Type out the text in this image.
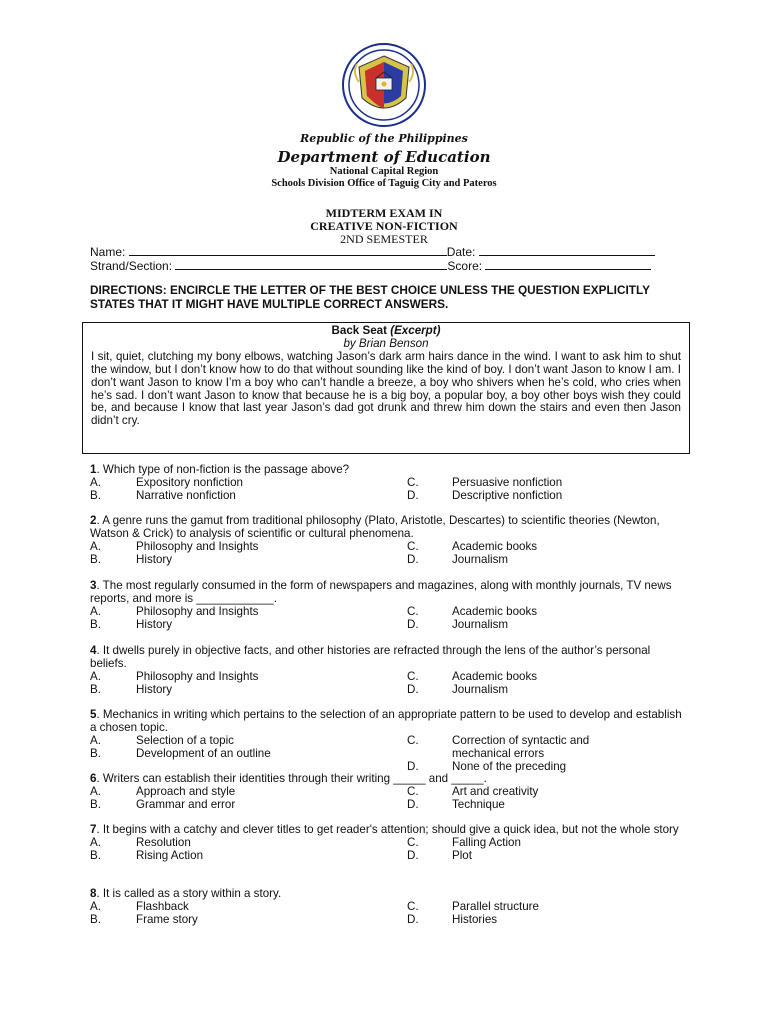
Republic of the Philippines
Department of Education
National Capital Region
Schools Division Office of Taguig City and Pateros
MIDTERM EXAM IN
CREATIVE NON-FICTION
2ND SEMESTER
Name:	Date:
Strand/Section:	Score:
DIRECTIONS: ENCIRCLE THE LETTER OF THE BEST CHOICE UNLESS THE QUESTION EXPLICITLY STATES THAT IT MIGHT HAVE MULTIPLE CORRECT ANSWERS.
Back Seat (Excerpt)
by Brian Benson
I sit, quiet, clutching my bony elbows, watching Jason’s dark arm hairs dance in the wind. I want to ask him to shut the window, but I don’t know how to do that without sounding like the kind of boy. I don’t want Jason to know I am. I don’t want Jason to know I’m a boy who can’t handle a breeze, a boy who shivers when he’s cold, who cries when he’s sad. I don’t want Jason to know that because he is a big boy, a popular boy, a boy other boys wish they could be, and because I know that last year Jason’s dad got drunk and threw him down the stairs and even then Jason didn’t cry.
1. Which type of non-fiction is the passage above?
A.	Expository nonfiction	C.	Persuasive nonfiction
B.	Narrative nonfiction	D.	Descriptive nonfiction
2. A genre runs the gamut from traditional philosophy (Plato, Aristotle, Descartes) to scientific theories (Newton, Watson & Crick) to analysis of scientific or cultural phenomena.
A.	Philosophy and Insights	C.	Academic books
B.	History	D.	Journalism
3. The most regularly consumed in the form of newspapers and magazines, along with monthly journals, TV news reports, and more is ____________.
A.	Philosophy and Insights	C.	Academic books
B.	History	D.	Journalism
4. It dwells purely in objective facts, and other histories are refracted through the lens of the author’s personal beliefs.
A.	Philosophy and Insights	C.	Academic books
B.	History	D.	Journalism
5. Mechanics in writing which pertains to the selection of an appropriate pattern to be used to develop and establish a chosen topic.
A.	Selection of a topic	C.	Correction of syntactic and
B.	Development of an outline	mechanical errors
D.	None of the preceding
6. Writers can establish their identities through their writing _____ and _____.
A.	Approach and style	C.	Art and creativity
B.	Grammar and error	D.	Technique
7. It begins with a catchy and clever titles to get reader's attention; should give a quick idea, but not the whole story
A.	Resolution	C.	Falling Action
B.	Rising Action	D.	Plot
8. It is called as a story within a story.
A.	Flashback	C.	Parallel structure
B.	Frame story	D.	Histories
